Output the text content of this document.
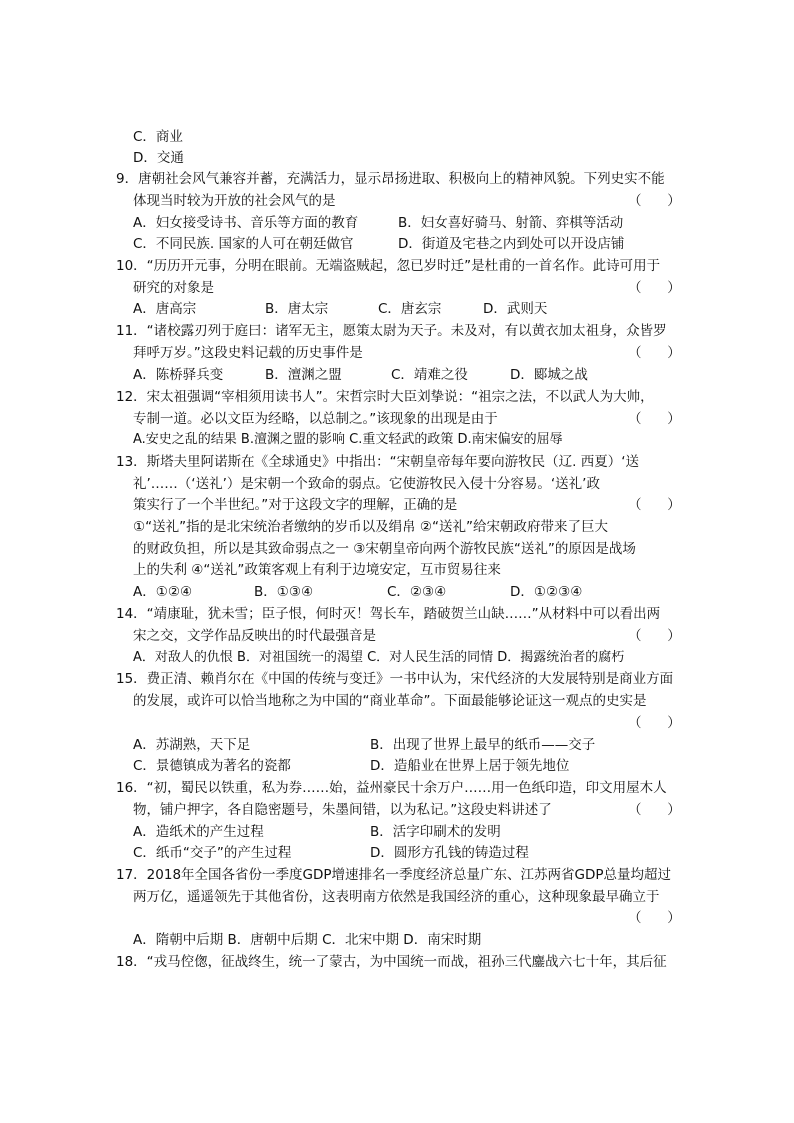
C．商业
D．交通
9．唐朝社会风气兼容并蓄，充满活力，显示昂扬进取、积极向上的精神风貌。下列史实不能
体现当时较为开放的社会风气的是	（      ）
A．妇女接受诗书、音乐等方面的教育	B．妇女喜好骑马、射箭、弈棋等活动
C．不同民族. 国家的人可在朝廷做官	D．街道及宅巷之内到处可以开设店铺
10．“历历开元事，分明在眼前。无端盗贼起，忽已岁时迁”是杜甫的一首名作。此诗可用于
研究的对象是	（      ）
A．唐高宗	B．唐太宗	C．唐玄宗	D．武则天
11．“诸校露刃列于庭曰：诸军无主，愿策太尉为天子。未及对，有以黄衣加太祖身，众皆罗
拜呼万岁。”这段史料记载的历史事件是	（      ）
A．陈桥驿兵变	B．澶渊之盟	C．靖难之役	D．郾城之战
12．宋太祖强调“宰相须用读书人”。宋哲宗时大臣刘挚说：“祖宗之法，不以武人为大帅，
专制一道。必以文臣为经略，以总制之。”该现象的出现是由于	（      ）
A.安史之乱的结果 B.澶渊之盟的影响 C.重文轻武的政策 D.南宋偏安的屈辱
13．斯塔夫里阿诺斯在《全球通史》中指出：“宋朝皇帝每年要向游牧民（辽. 西夏）‘送
礼’……（‘送礼’）是宋朝一个致命的弱点。它使游牧民入侵十分容易。‘送礼’政
策实行了一个半世纪。”对于这段文字的理解，正确的是	（      ）
①“送礼”指的是北宋统治者缴纳的岁币以及绢帛 ②“送礼”给宋朝政府带来了巨大
的财政负担，所以是其致命弱点之一 ③宋朝皇帝向两个游牧民族“送礼”的原因是战场
上的失利 ④“送礼”政策客观上有利于边境安定，互市贸易往来
A．①②④	B．①③④	C．②③④	D．①②③④
14．“靖康耻，犹未雪；臣子恨，何时灭！驾长车，踏破贺兰山缺……”从材料中可以看出两
宋之交，文学作品反映出的时代最强音是	（      ）
A．对敌人的仇恨 B．对祖国统一的渴望 C．对人民生活的同情 D．揭露统治者的腐朽
15．费正清、赖肖尔在《中国的传统与变迁》一书中认为，宋代经济的大发展特别是商业方面
的发展，或许可以恰当地称之为中国的“商业革命”。下面最能够论证这一观点的史实是
（      ）
A．苏湖熟，天下足	B．出现了世界上最早的纸币——交子
C．景德镇成为著名的瓷都	D．造船业在世界上居于领先地位
16．“初，蜀民以铁重，私为券……始，益州豪民十余万户……用一色纸印造，印文用屋木人
物，铺户押字，各自隐密题号，朱墨间错，以为私记。”这段史料讲述了	（      ）
A．造纸术的产生过程	B．活字印刷术的发明
C．纸币“交子”的产生过程	D．圆形方孔钱的铸造过程
17．2018年全国各省份一季度GDP增速排名一季度经济总量广东、江苏两省GDP总量均超过
两万亿，遥遥领先于其他省份，这表明南方依然是我国经济的重心，这种现象最早确立于
（      ）
A．隋朝中后期 B．唐朝中后期 C．北宋中期 D．南宋时期
18．“戎马倥偬，征战终生，统一了蒙古，为中国统一而战，祖孙三代鏖战六七十年，其后征
